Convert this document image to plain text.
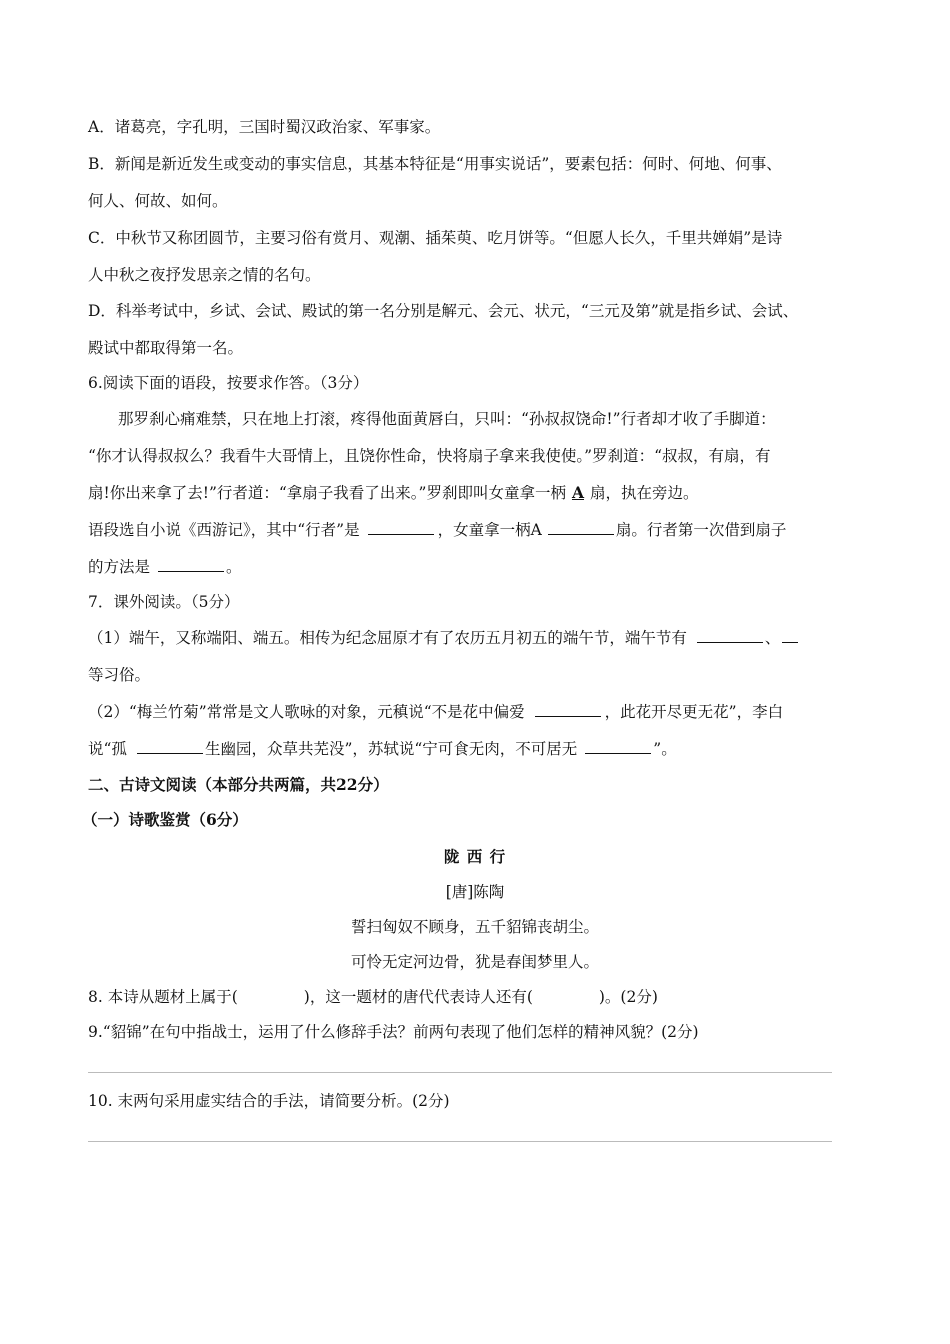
A．诸葛亮，字孔明，三国时蜀汉政治家、军事家。
B．新闻是新近发生或变动的事实信息，其基本特征是“用事实说话”，要素包括：何时、何地、何事、
何人、何故、如何。
C．中秋节又称团圆节，主要习俗有赏月、观潮、插茱萸、吃月饼等。“但愿人长久，千里共婵娟”是诗
人中秋之夜抒发思亲之情的名句。
D．科举考试中，乡试、会试、殿试的第一名分别是解元、会元、状元，“三元及第”就是指乡试、会试、
殿试中都取得第一名。
6.阅读下面的语段，按要求作答。（3分）
那罗刹心痛难禁，只在地上打滚，疼得他面黄唇白，只叫：“孙叔叔饶命!”行者却才收了手脚道：
“你才认得叔叔么？我看牛大哥情上，且饶你性命，快将扇子拿来我使使。”罗刹道：“叔叔，有扇，有
扇!你出来拿了去!”行者道：“拿扇子我看了出来。”罗刹即叫女童拿一柄 A 扇，执在旁边。
语段选自小说《西游记》，其中“行者”是	，女童拿一柄A	扇。行者第一次借到扇子
的方法是	。
7．课外阅读。（5分）
（1）端午，又称端阳、端五。相传为纪念屈原才有了农历五月初五的端午节，端午节有	、
等习俗。
（2）“梅兰竹菊”常常是文人歌咏的对象，元稹说“不是花中偏爱	，此花开尽更无花”，李白
说“孤	生幽园，众草共芜没”，苏轼说“宁可食无肉，不可居无	”。
二、古诗文阅读（本部分共两篇，共22分）
（一）诗歌鉴赏（6分）
陇 西 行
[唐]陈陶
誓扫匈奴不顾身，五千貂锦丧胡尘。
可怜无定河边骨，犹是春闺梦里人。
8. 本诗从题材上属于(	)，这一题材的唐代代表诗人还有(	)。(2分)
9.“貂锦”在句中指战士，运用了什么修辞手法？前两句表现了他们怎样的精神风貌？(2分)
10. 末两句采用虚实结合的手法，请简要分析。(2分)
